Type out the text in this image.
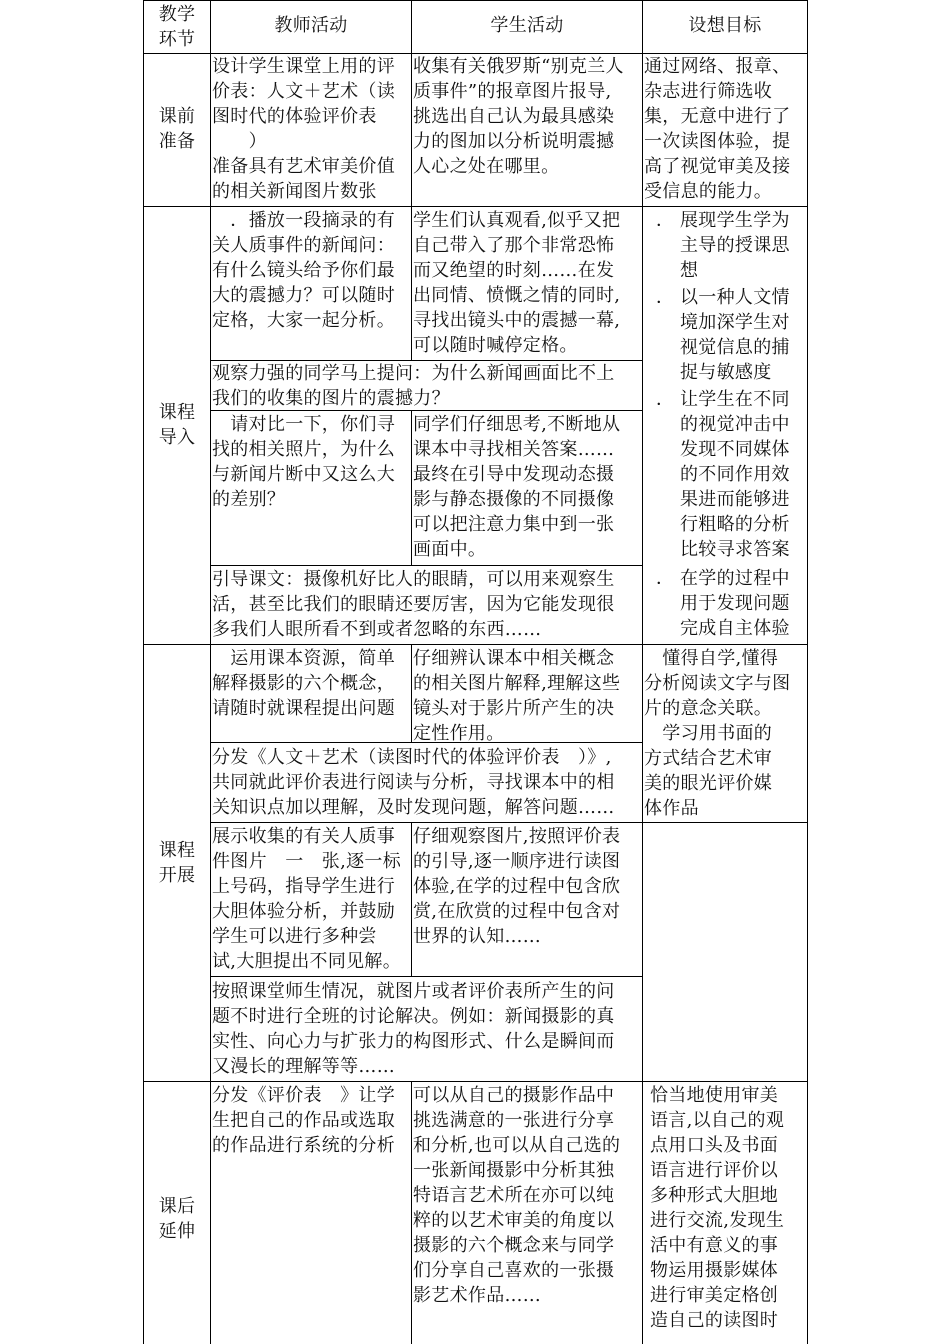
教学
环节
教师活动	学生活动	设想目标
课前
准备
设计学生课堂上用的评
价表：人文＋艺术（读
图时代的体验评价表
　　）
准备具有艺术审美价值
的相关新闻图片数张
收集有关俄罗斯“别克兰人
质事件”的报章图片报导,
挑选出自己认为最具感染
力的图加以分析说明震撼
人心之处在哪里。
通过网络、报章、
杂志进行筛选收
集，无意中进行了
一次读图体验，提
高了视觉审美及接
受信息的能力。
课程
导入
　．播放一段摘录的有
关人质事件的新闻问：
有什么镜头给予你们最
大的震撼力？可以随时
定格，大家一起分析。
学生们认真观看,似乎又把
自己带入了那个非常恐怖
而又绝望的时刻……在发
出同情、愤慨之情的同时,
寻找出镜头中的震撼一幕,
可以随时喊停定格。
观察力强的同学马上提问：为什么新闻画面比不上
我们的收集的图片的震撼力？
　请对比一下，你们寻
找的相关照片，为什么
与新闻片断中又这么大
的差别？
同学们仔细思考,不断地从
课本中寻找相关答案……
最终在引导中发现动态摄
影与静态摄像的不同摄像
可以把注意力集中到一张
画面中。
引导课文：摄像机好比人的眼睛，可以用来观察生
活，甚至比我们的眼睛还要厉害，因为它能发现很
多我们人眼所看不到或者忽略的东西……
． 展现学生学为
主导的授课思
想
． 以一种人文情
境加深学生对
视觉信息的捕
捉与敏感度
． 让学生在不同
的视觉冲击中
发现不同媒体
的不同作用效
果进而能够进
行粗略的分析
比较寻求答案
． 在学的过程中
用于发现问题
完成自主体验
课程
开展
　运用课本资源，简单
解释摄影的六个概念，
请随时就课程提出问题
仔细辨认课本中相关概念
的相关图片解释,理解这些
镜头对于影片所产生的决
定性作用。
　懂得自学,懂得
分析阅读文字与图
片的意念关联。
　学习用书面的
方式结合艺术审
美的眼光评价媒
体作品
分发《人文＋艺术（读图时代的体验评价表　）》,
共同就此评价表进行阅读与分析，寻找课本中的相
关知识点加以理解，及时发现问题，解答问题……
展示收集的有关人质事
件图片　一　张,逐一标
上号码，指导学生进行
大胆体验分析，并鼓励
学生可以进行多种尝
试,大胆提出不同见解。
仔细观察图片,按照评价表
的引导,逐一顺序进行读图
体验,在学的过程中包含欣
赏,在欣赏的过程中包含对
世界的认知……
按照课堂师生情况，就图片或者评价表所产生的问
题不时进行全班的讨论解决。例如：新闻摄影的真
实性、向心力与扩张力的构图形式、什么是瞬间而
又漫长的理解等等……
课后
延伸
分发《评价表　》让学
生把自己的作品或选取
的作品进行系统的分析
可以从自己的摄影作品中
挑选满意的一张进行分享
和分析,也可以从自己选的
一张新闻摄影中分析其独
特语言艺术所在亦可以纯
粹的以艺术审美的角度以
摄影的六个概念来与同学
们分享自己喜欢的一张摄
影艺术作品……
恰当地使用审美
语言,以自己的观
点用口头及书面
语言进行评价以
多种形式大胆地
进行交流,发现生
活中有意义的事
物运用摄影媒体
进行审美定格创
造自己的读图时
